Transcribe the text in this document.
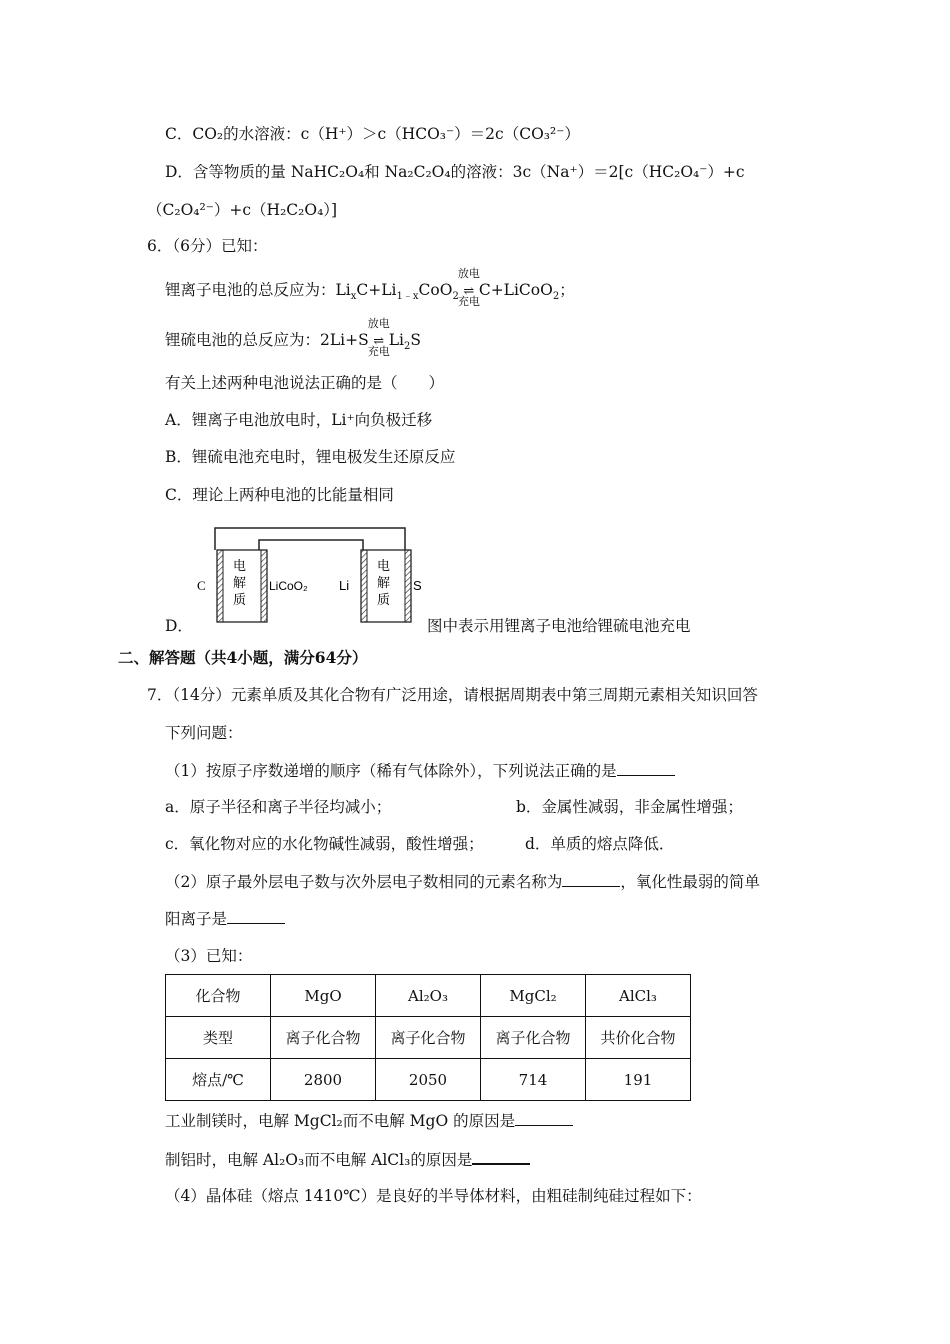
C．CO₂的水溶液：c（H⁺）＞c（HCO₃⁻）＝2c（CO₃²⁻）
D．含等物质的量 NaHC₂O₄和 Na₂C₂O₄的溶液：3c（Na⁺）＝2[c（HC₂O₄⁻）+c
（C₂O₄²⁻）+c（H₂C₂O₄）]
6．（6分）已知：
锂离子电池的总反应为：$Li_xC+Li_{1﹣x}CoO_2$
放电
⇌
充电
C+LiCoO$_2$；
锂硫电池的总反应为：2Li+S
放电
⇌
充电
$Li_2S$
有关上述两种电池说法正确的是（　　）
A．锂离子电池放电时，Li⁺向负极迁移
B．锂硫电池充电时，锂电极发生还原反应
C．理论上两种电池的比能量相同
C
电
解
质
LiCoO₂ Li
电
解
质
S
D．	图中表示用锂离子电池给锂硫电池充电
二、解答题（共4小题，满分64分）
7．（14分）元素单质及其化合物有广泛用途，请根据周期表中第三周期元素相关知识回答
下列问题：
（1）按原子序数递增的顺序（稀有气体除外），下列说法正确的是
a．原子半径和离子半径均减小；	b．金属性减弱，非金属性增强；
c．氧化物对应的水化物碱性减弱，酸性增强；	d．单质的熔点降低．
（2）原子最外层电子数与次外层电子数相同的元素名称为	，氧化性最弱的简单
阳离子是
（3）已知：
化合物	MgO	Al₂O₃	MgCl₂	AlCl₃
类型	离子化合物	离子化合物	离子化合物	共价化合物
熔点/℃	2800	2050	714	191
工业制镁时，电解 MgCl₂而不电解 MgO 的原因是
制铝时，电解 Al₂O₃而不电解 AlCl₃的原因是
（4）晶体硅（熔点 1410℃）是良好的半导体材料，由粗硅制纯硅过程如下：
